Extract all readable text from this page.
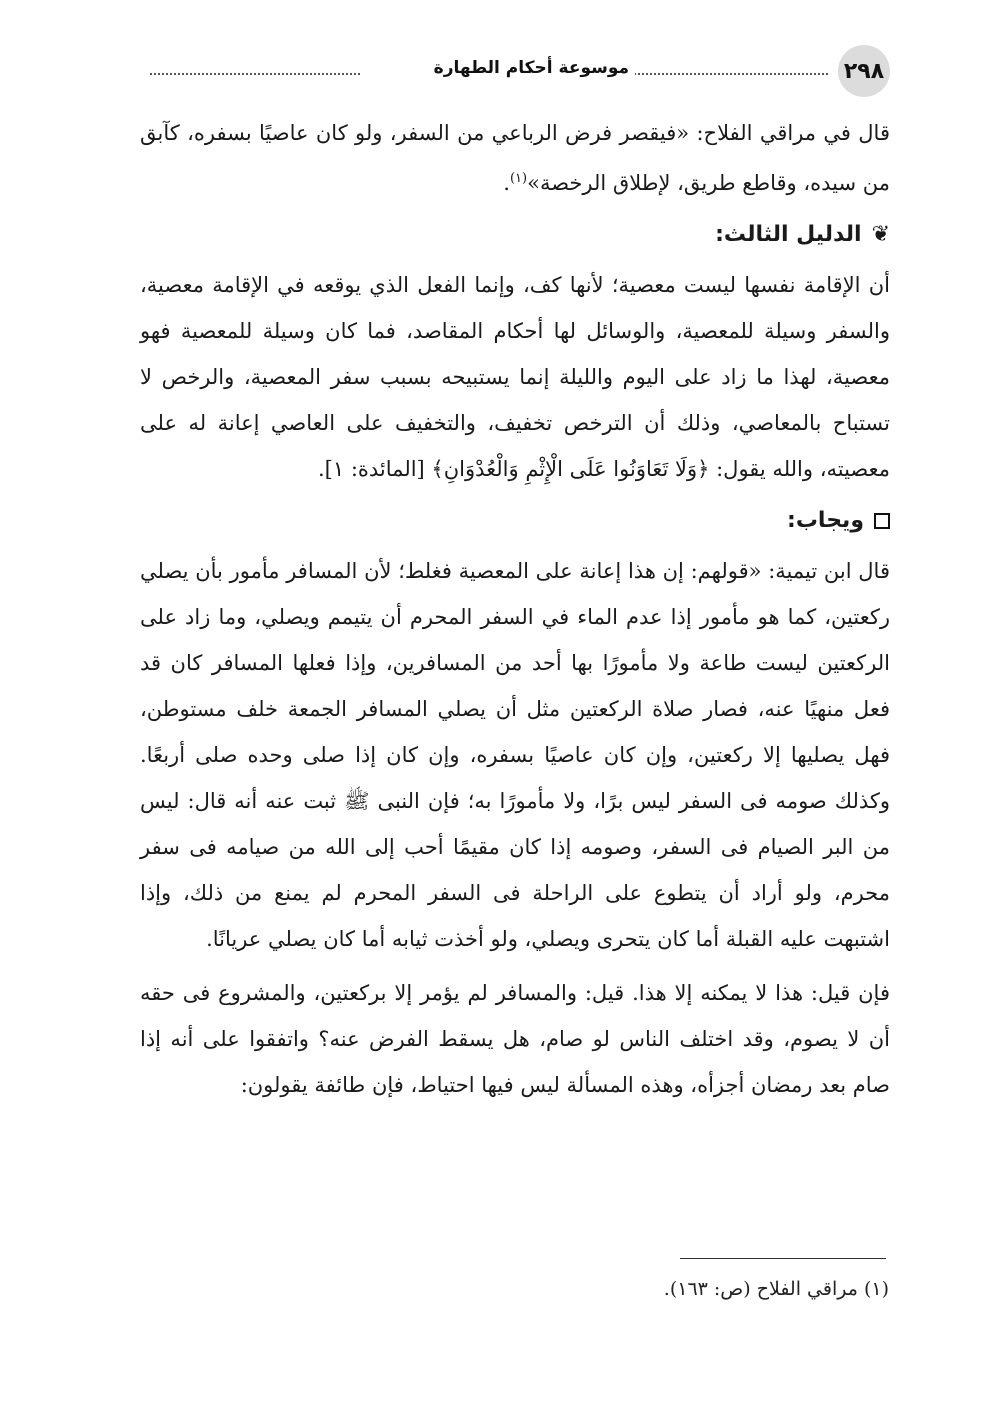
موسوعة أحكام الطهارة	٢٩٨

قال في مراقي الفلاح: «فيقصر فرض الرباعي من السفر، ولو كان عاصيًا بسفره، كآبق من سيده، وقاطع طريق، لإطلاق الرخصة»$^{(١)}$.

❦
الدليل الثالث:

أن الإقامة نفسها ليست معصية؛ لأنها كف، وإنما الفعل الذي يوقعه في الإقامة معصية، والسفر وسيلة للمعصية، والوسائل لها أحكام المقاصد، فما كان وسيلة للمعصية فهو معصية، لهذا ما زاد على اليوم والليلة إنما يستبيحه بسبب سفر المعصية، والرخص لا تستباح بالمعاصي، وذلك أن الترخص تخفيف، والتخفيف على العاصي إعانة له على معصيته، والله يقول: ﴿وَلَا تَعَاوَنُوا عَلَى الْإِثْمِ وَالْعُدْوَانِ﴾ [المائدة: ١].

ويجاب:

قال ابن تيمية: «قولهم: إن هذا إعانة على المعصية فغلط؛ لأن المسافر مأمور بأن يصلي ركعتين، كما هو مأمور إذا عدم الماء في السفر المحرم أن يتيمم ويصلي، وما زاد على الركعتين ليست طاعة ولا مأمورًا بها أحد من المسافرين، وإذا فعلها المسافر كان قد فعل منهيًا عنه، فصار صلاة الركعتين مثل أن يصلي المسافر الجمعة خلف مستوطن، فهل يصليها إلا ركعتين، وإن كان عاصيًا بسفره، وإن كان إذا صلى وحده صلى أربعًا. وكذلك صومه فى السفر ليس برًا، ولا مأمورًا به؛ فإن النبى ﷺ ثبت عنه أنه قال: ليس من البر الصيام فى السفر، وصومه إذا كان مقيمًا أحب إلى الله من صيامه فى سفر محرم، ولو أراد أن يتطوع على الراحلة فى السفر المحرم لم يمنع من ذلك، وإذا اشتبهت عليه القبلة أما كان يتحرى ويصلي، ولو أخذت ثيابه أما كان يصلي عريانًا.

فإن قيل: هذا لا يمكنه إلا هذا. قيل: والمسافر لم يؤمر إلا بركعتين، والمشروع فى حقه أن لا يصوم، وقد اختلف الناس لو صام، هل يسقط الفرض عنه؟ واتفقوا على أنه إذا صام بعد رمضان أجزأه، وهذه المسألة ليس فيها احتياط، فإن طائفة يقولون:

(١) مراقي الفلاح (ص: ١٦٣).
